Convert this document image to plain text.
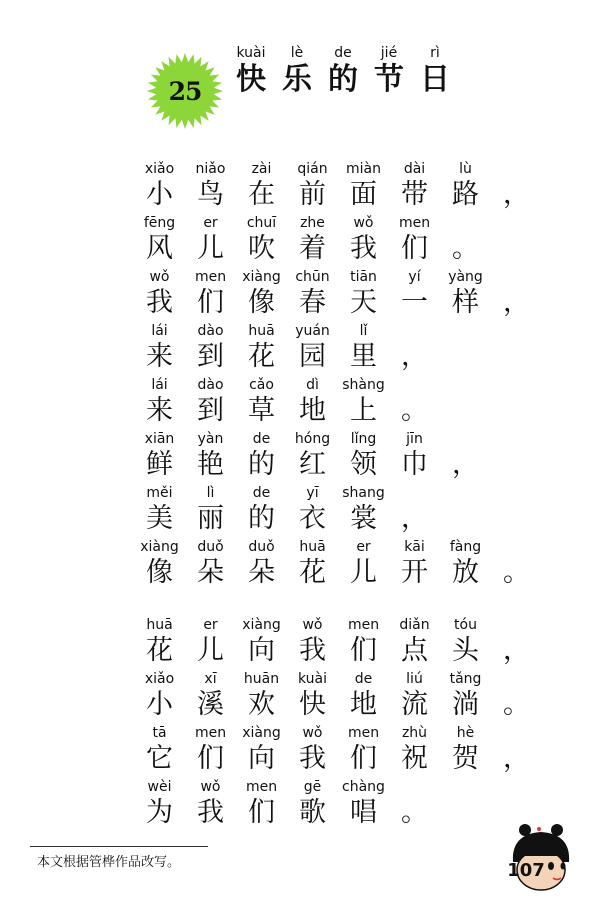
25
kuài
快
lè
乐
de
的
jié
节
rì
日
xiǎo
小
niǎo
鸟
zài
在
qián
前
miàn
面
dài
带
lù
路 ，
fēng
风
er
儿
chuī
吹
zhe
着
wǒ
我
men
们 。
wǒ
我
men
们
xiàng
像
chūn
春
tiān
天
yí
一
yàng
样 ，
lái
来
dào
到
huā
花
yuán
园
lǐ
里 ，
lái
来
dào
到
cǎo
草
dì
地
shàng
上 。
xiān
鲜
yàn
艳
de
的
hóng
红
lǐng
领
jīn
巾 ，
měi
美
lì
丽
de
的
yī
衣
shang
裳 ，
xiàng
像
duǒ
朵
duǒ
朵
huā
花
er
儿
kāi
开
fàng
放 。
huā
花
er
儿
xiàng
向
wǒ
我
men
们
diǎn
点
tóu
头 ，
xiǎo
小
xī
溪
huān
欢
kuài
快
de
地
liú
流
tǎng
淌 。
tā
它
men
们
xiàng
向
wǒ
我
men
们
zhù
祝
hè
贺 ，
wèi
为
wǒ
我
men
们
gē
歌
chàng
唱 。
本文根据管桦作品改写。	107
